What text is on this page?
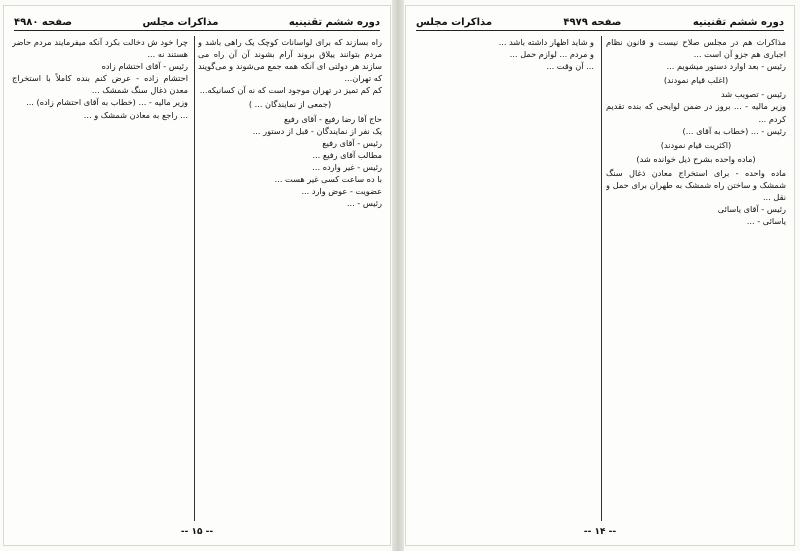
دوره ششم تقنینیه
مذاکرات مجلس
صفحه ۴۹۸۰

راه بسازند که برای لواسانات کوچک یک راهی باشد و مردم بتوانند ییلاق بروند آرام بشوند آن آن راه می سازند هر دولتی ای آنکه همه جمع می‌شوند و می‌گویند که تهران...

کم کم تمیز در تهران موجود است که نه آن کسانیکه...

(جمعی از نمایندگان ... )

حاج آقا رضا رفیع - آقای رفیع

یک نفر از نمایندگان - قبل از دستور ...

رئیس - آقای رفیع

مطالب آقای رفیع ...

رئیس - غیر وارده ...

با ده ساعت کسی غیر هست ...

عضویت - عوض وارد ...

رئیس - ...

چرا خود ش دخالت بکرد آنکه میفرمایند مردم حاضر هستند نه ...

رئیس - آقای احتشام زاده

احتشام زاده - عرض کنم بنده کاملاً با استخراج معدن ذغال سنگ شمشک ...

وزیر مالیه - ... (خطاب به آقای احتشام زاده) ...

... راجع به معادن شمشک و ...

-- ۱۵ --
دوره ششم تقنینیه
صفحه ۴۹۷۹
مذاکرات مجلس

مذاکرات هم در مجلس صلاح نیست و قانون نظام اجباری هم جزو آن است ...

رئیس - بعد اوارد دستور میشویم ...

(اغلب قیام نمودند)

رئیس - تصویب شد

وزیر مالیه - ... بروز در ضمن لوایحی که بنده تقدیم کردم ...

رئیس - ... (خطاب به آقای ...)

(اکثریت قیام نمودند)

(ماده واحده بشرح ذیل خوانده شد)

ماده واحده - برای استخراج معادن ذغال سنگ شمشک و ساختن راه شمشک به طهران برای حمل و نقل ...

رئیس - آقای یاسائی

یاسائی - ...

و شاید اظهار داشته باشد ...

و مردم ... لوازم حمل ...

... آن وقت ...

-- ۱۴ --
